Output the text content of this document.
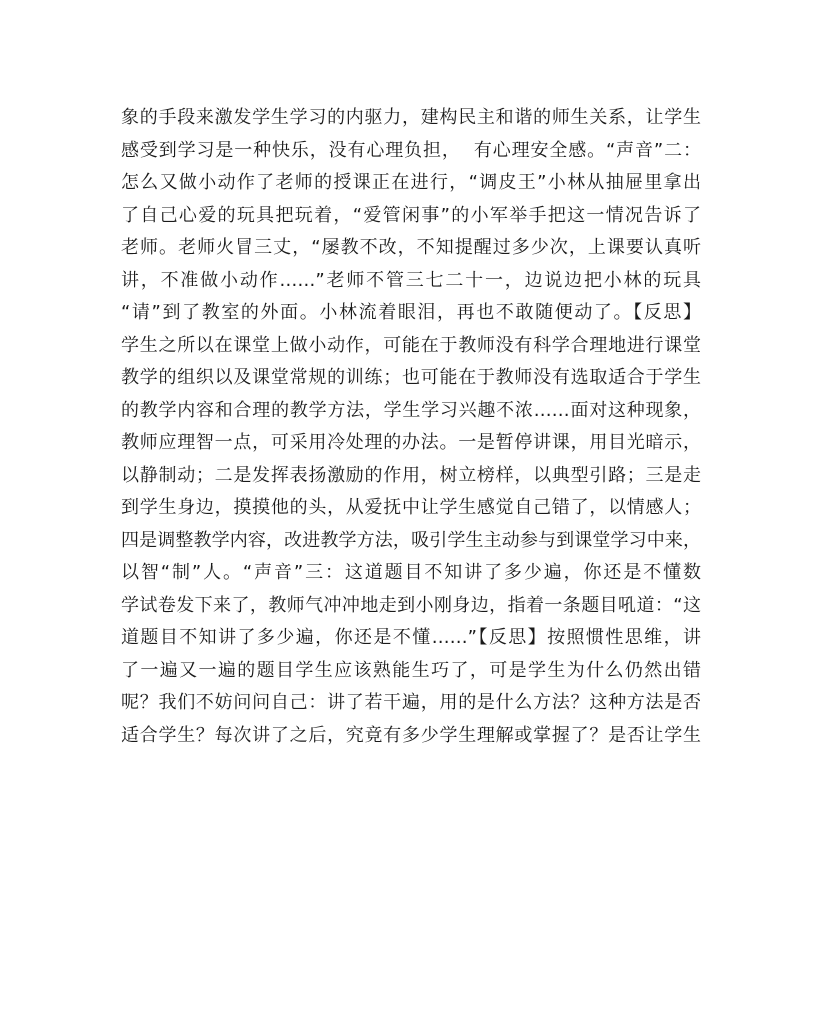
象的手段来激发学生学习的内驱力，建构民主和谐的师生关系，让学生
感受到学习是一种快乐，没有心理负担，  有心理安全感。“声音”二：
怎么又做小动作了老师的授课正在进行，“调皮王”小林从抽屉里拿出
了自己心爱的玩具把玩着，“爱管闲事”的小军举手把这一情况告诉了
老师。老师火冒三丈，“屡教不改，不知提醒过多少次，上课要认真听
讲，不准做小动作……”老师不管三七二十一，边说边把小林的玩具
“请”到了教室的外面。小林流着眼泪，再也不敢随便动了。【反思】
学生之所以在课堂上做小动作，可能在于教师没有科学合理地进行课堂
教学的组织以及课堂常规的训练；也可能在于教师没有选取适合于学生
的教学内容和合理的教学方法，学生学习兴趣不浓……面对这种现象，
教师应理智一点，可采用冷处理的办法。一是暂停讲课，用目光暗示，
以静制动；二是发挥表扬激励的作用，树立榜样，以典型引路；三是走
到学生身边，摸摸他的头，从爱抚中让学生感觉自己错了，以情感人；
四是调整教学内容，改进教学方法，吸引学生主动参与到课堂学习中来，
以智“制”人。“声音”三：这道题目不知讲了多少遍，你还是不懂数
学试卷发下来了，教师气冲冲地走到小刚身边，指着一条题目吼道：“这
道题目不知讲了多少遍，你还是不懂……”【反思】按照惯性思维，讲
了一遍又一遍的题目学生应该熟能生巧了，可是学生为什么仍然出错
呢？我们不妨问问自己：讲了若干遍，用的是什么方法？这种方法是否
适合学生？每次讲了之后，究竟有多少学生理解或掌握了？是否让学生
